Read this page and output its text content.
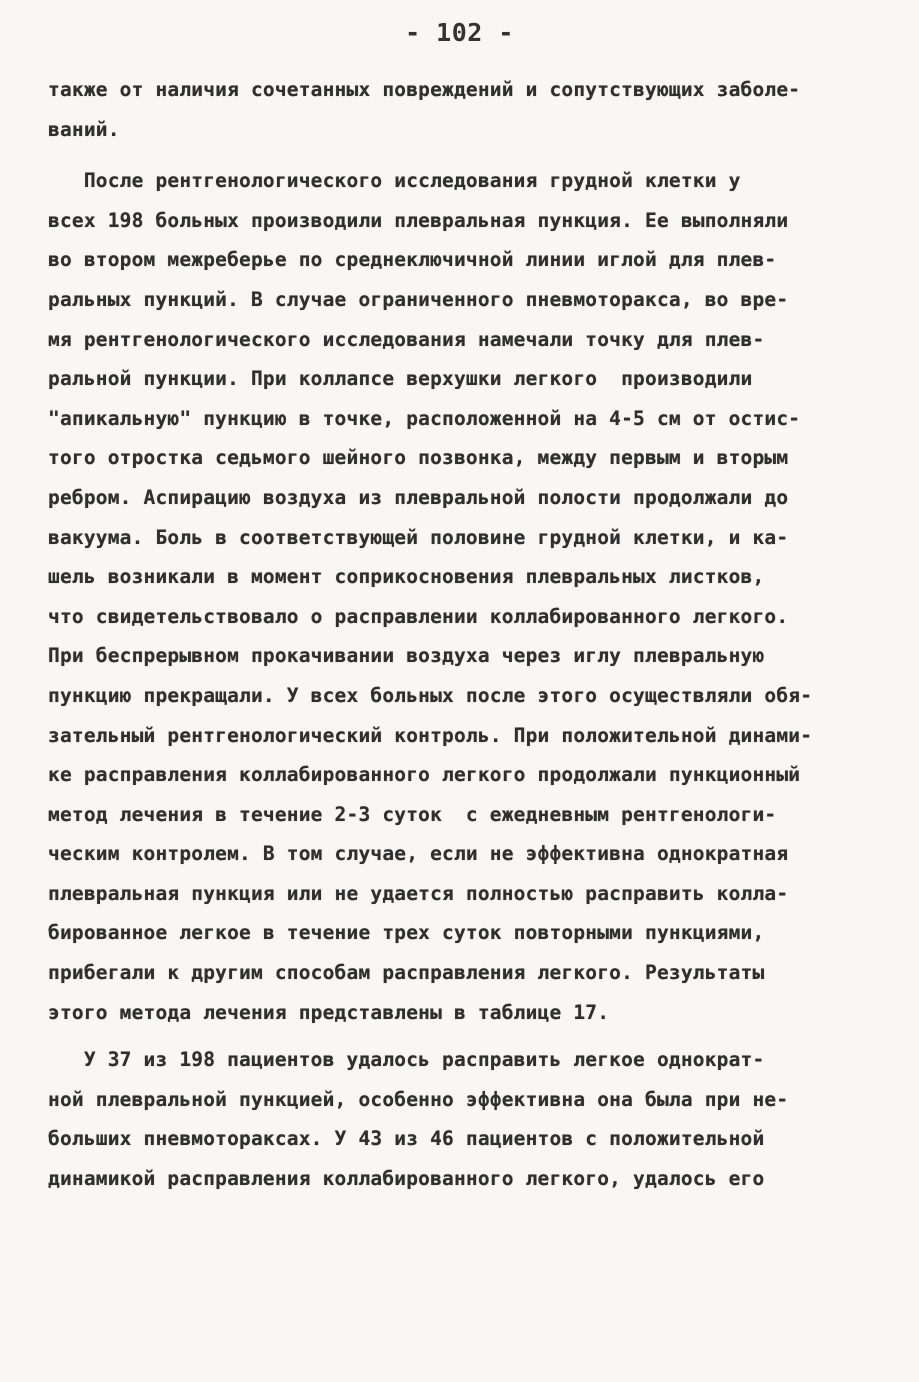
- 102 -
также от наличия сочетанных повреждений и сопутствующих заболе-
ваний.
После рентгенологического исследования грудной клетки у
всех 198 больных производили плевральная пункция. Ее выполняли
во втором межреберье по среднеключичной линии иглой для плев-
ральных пункций. В случае ограниченного пневмоторакса, во вре-
мя рентгенологического исследования намечали точку для плев-
ральной пункции. При коллапсе верхушки легкого  производили
"апикальную" пункцию в точке, расположенной на 4-5 см от остис-
того отростка седьмого шейного позвонка, между первым и вторым
ребром. Аспирацию воздуха из плевральной полости продолжали до
вакуума. Боль в соответствующей половине грудной клетки, и ка-
шель возникали в момент соприкосновения плевральных листков,
что свидетельствовало о расправлении коллабированного легкого.
При беспрерывном прокачивании воздуха через иглу плевральную
пункцию прекращали. У всех больных после этого осуществляли обя-
зательный рентгенологический контроль. При положительной динами-
ке расправления коллабированного легкого продолжали пункционный
метод лечения в течение 2-3 суток  с ежедневным рентгенологи-
ческим контролем. В том случае, если не эффективна однократная
плевральная пункция или не удается полностью расправить колла-
бированное легкое в течение трех суток повторными пункциями,
прибегали к другим способам расправления легкого. Результаты
этого метода лечения представлены в таблице 17.
У 37 из 198 пациентов удалось расправить легкое однократ-
ной плевральной пункцией, особенно эффективна она была при не-
больших пневмотораксах. У 43 из 46 пациентов с положительной
динамикой расправления коллабированного легкого, удалось его
